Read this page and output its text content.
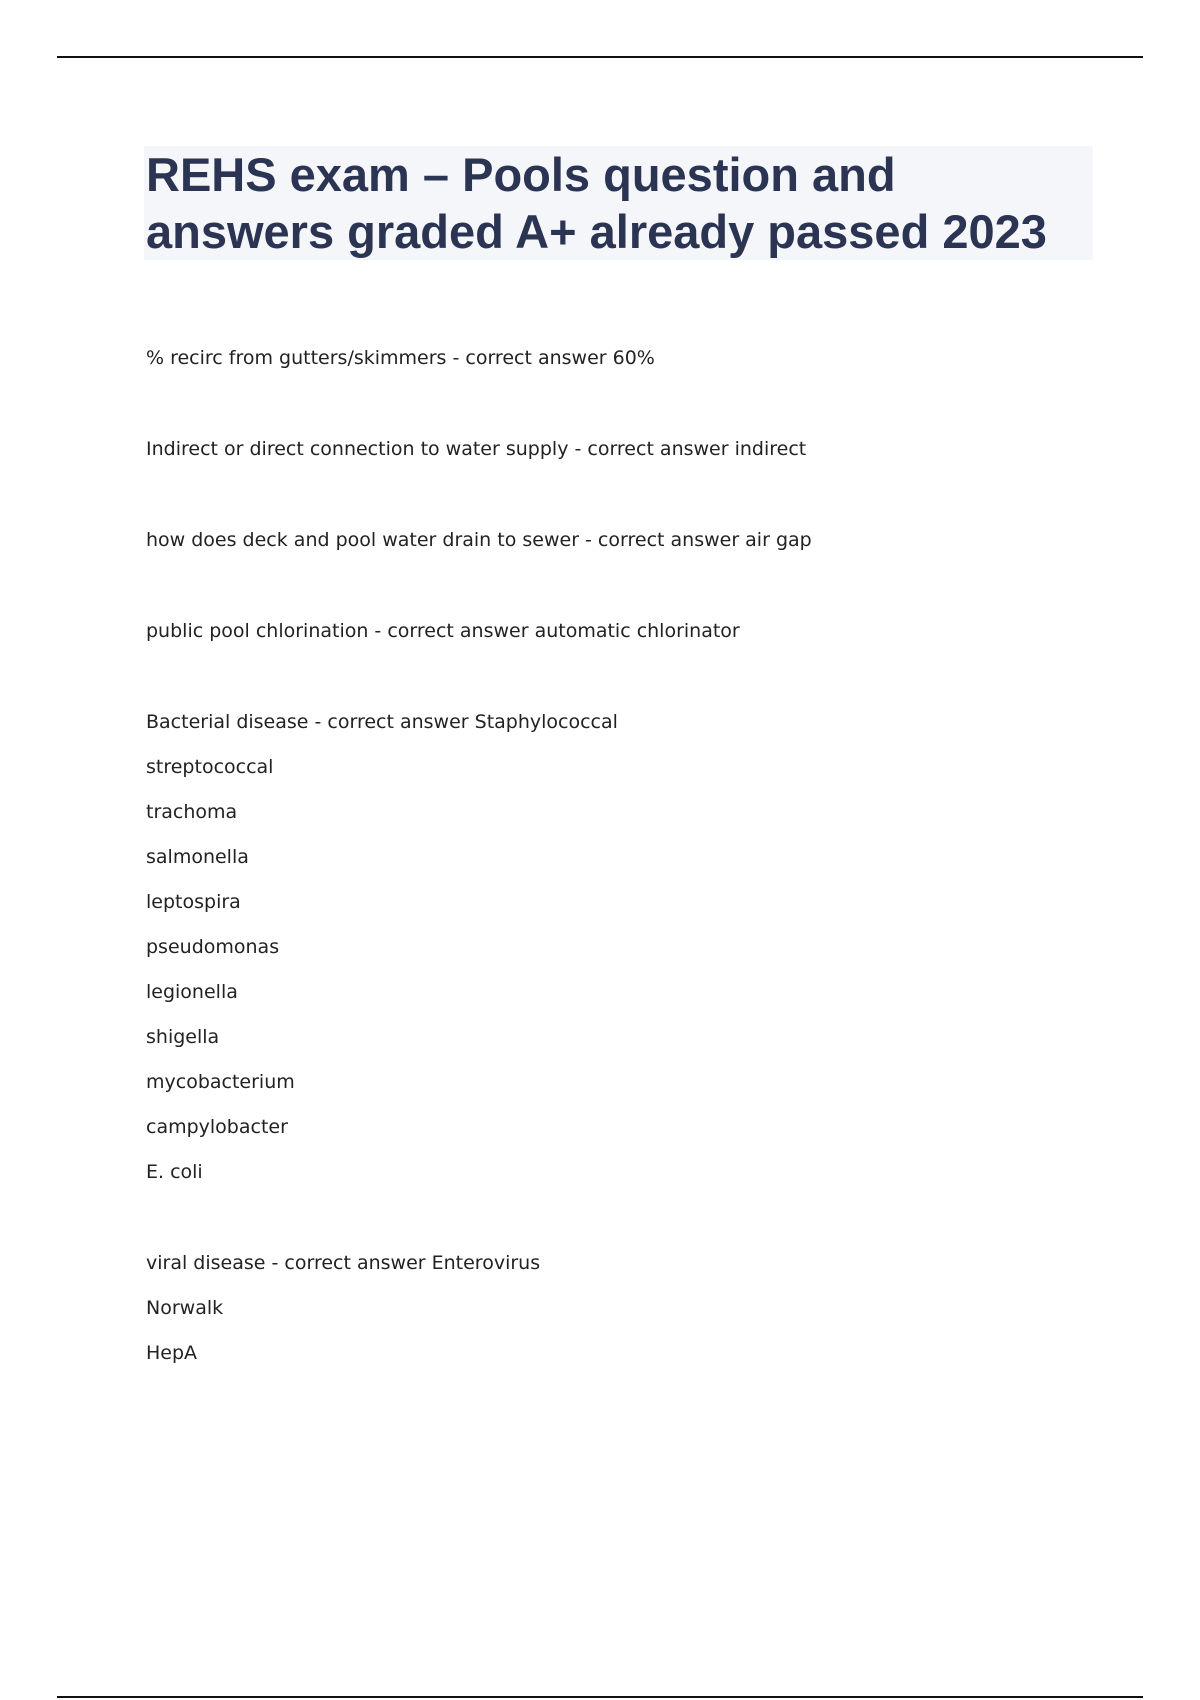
REHS exam – Pools question and answers graded A+ already passed 2023

% recirc from gutters/skimmers - correct answer 60%

Indirect or direct connection to water supply - correct answer indirect

how does deck and pool water drain to sewer - correct answer air gap

public pool chlorination - correct answer automatic chlorinator

Bacterial disease - correct answer Staphylococcal

streptococcal

trachoma

salmonella

leptospira

pseudomonas

legionella

shigella

mycobacterium

campylobacter

E. coli

viral disease - correct answer Enterovirus

Norwalk

HepA
